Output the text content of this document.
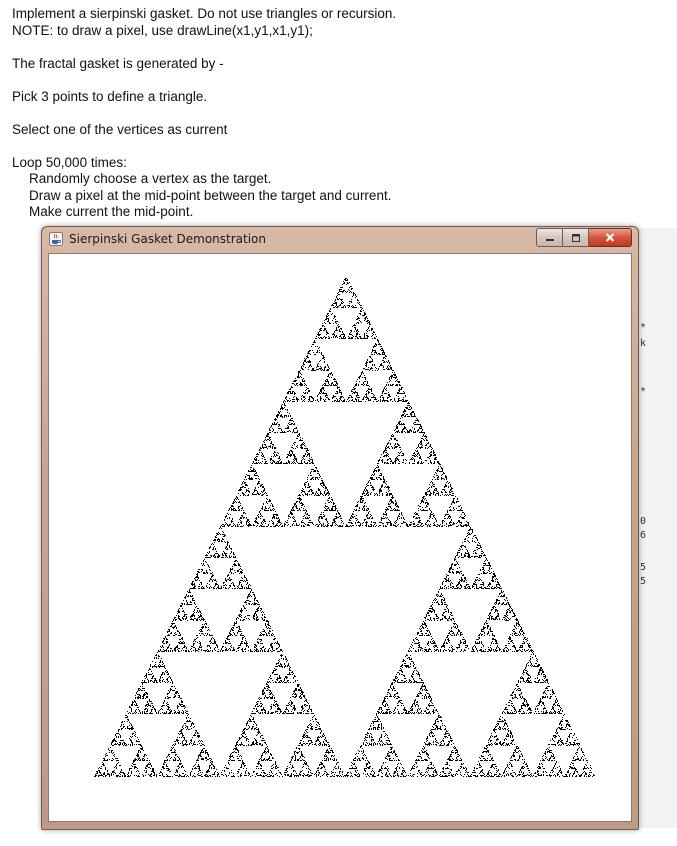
Implement a sierpinski gasket. Do not use triangles or recursion.
NOTE: to draw a pixel, use drawLine(x1,y1,x1,y1);
The fractal gasket is generated by -
Pick 3 points to define a triangle.
Select one of the vertices as current
Loop 50,000 times:
Randomly choose a vertex as the target.
Draw a pixel at the mid-point between the target and current.
Make current the mid-point.
*
k
*
0
6
5
5
Sierpinski Gasket Demonstration
